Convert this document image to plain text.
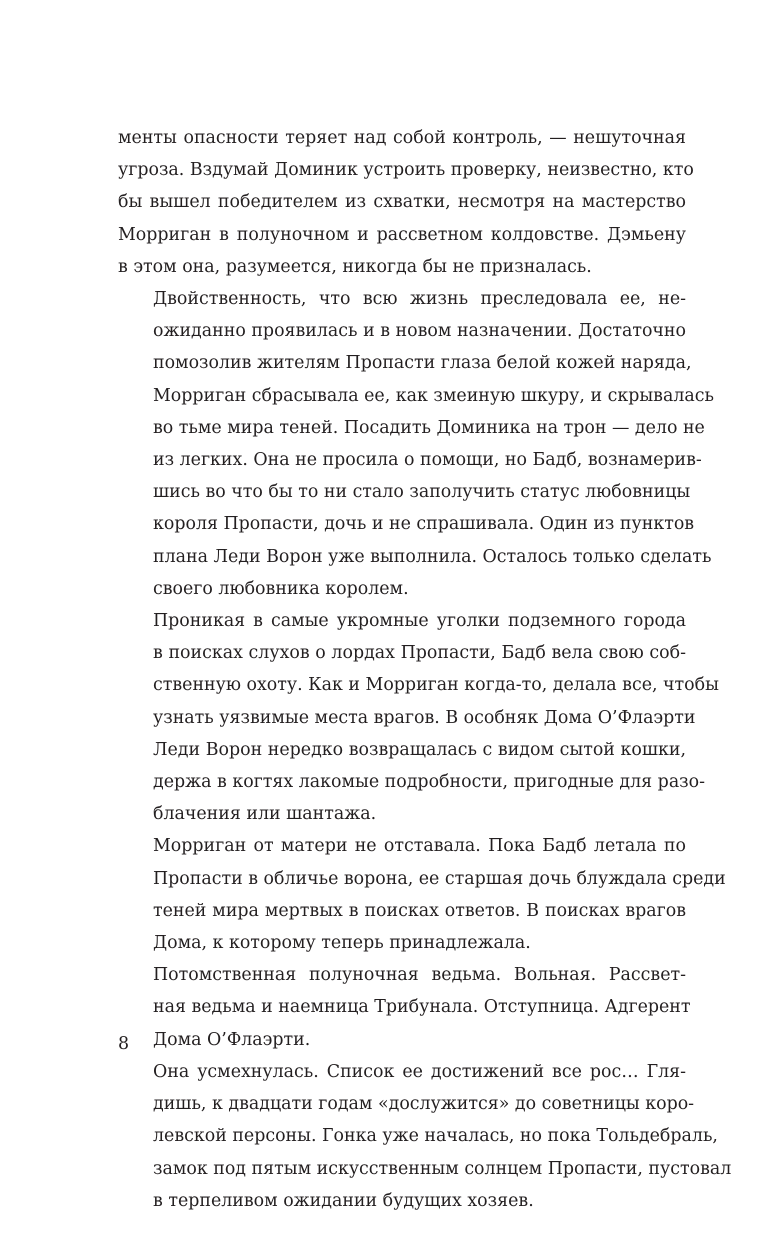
менты опасности теряет над собой контроль, — нешуточная
угроза. Вздумай Доминик устроить проверку, неизвестно, кто
бы вышел победителем из схватки, несмотря на мастерство
Морриган в полуночном и рассветном колдовстве. Дэмьену
в этом она, разумеется, никогда бы не призналась.
Двойственность, что всю жизнь преследовала ее, не-
ожиданно проявилась и в новом назначении. Достаточно
помозолив жителям Пропасти глаза белой кожей наряда,
Морриган сбрасывала ее, как змеиную шкуру, и скрывалась
во тьме мира теней. Посадить Доминика на трон — дело не
из легких. Она не просила о помощи, но Бадб, вознамерив-
шись во что бы то ни стало заполучить статус любовницы
короля Пропасти, дочь и не спрашивала. Один из пунктов
плана Леди Ворон уже выполнила. Осталось только сделать
своего любовника королем.
Проникая в самые укромные уголки подземного города
в поисках слухов о лордах Пропасти, Бадб вела свою соб-
ственную охоту. Как и Морриган когда-то, делала все, чтобы
узнать уязвимые места врагов. В особняк Дома О’Флаэрти
Леди Ворон нередко возвращалась с видом сытой кошки,
держа в когтях лакомые подробности, пригодные для разо-
блачения или шантажа.
Морриган от матери не отставала. Пока Бадб летала по
Пропасти в обличье ворона, ее старшая дочь блуждала среди
теней мира мертвых в поисках ответов. В поисках врагов
Дома, к которому теперь принадлежала.
Потомственная полуночная ведьма. Вольная. Рассвет-
ная ведьма и наемница Трибунала. Отступница. Адгерент
Дома О’Флаэрти.
Она усмехнулась. Список ее достижений все рос… Гля-
дишь, к двадцати годам «дослужится» до советницы коро-
левской персоны. Гонка уже началась, но пока Тольдебраль,
замок под пятым искусственным солнцем Пропасти, пустовал
в терпеливом ожидании будущих хозяев.
8
